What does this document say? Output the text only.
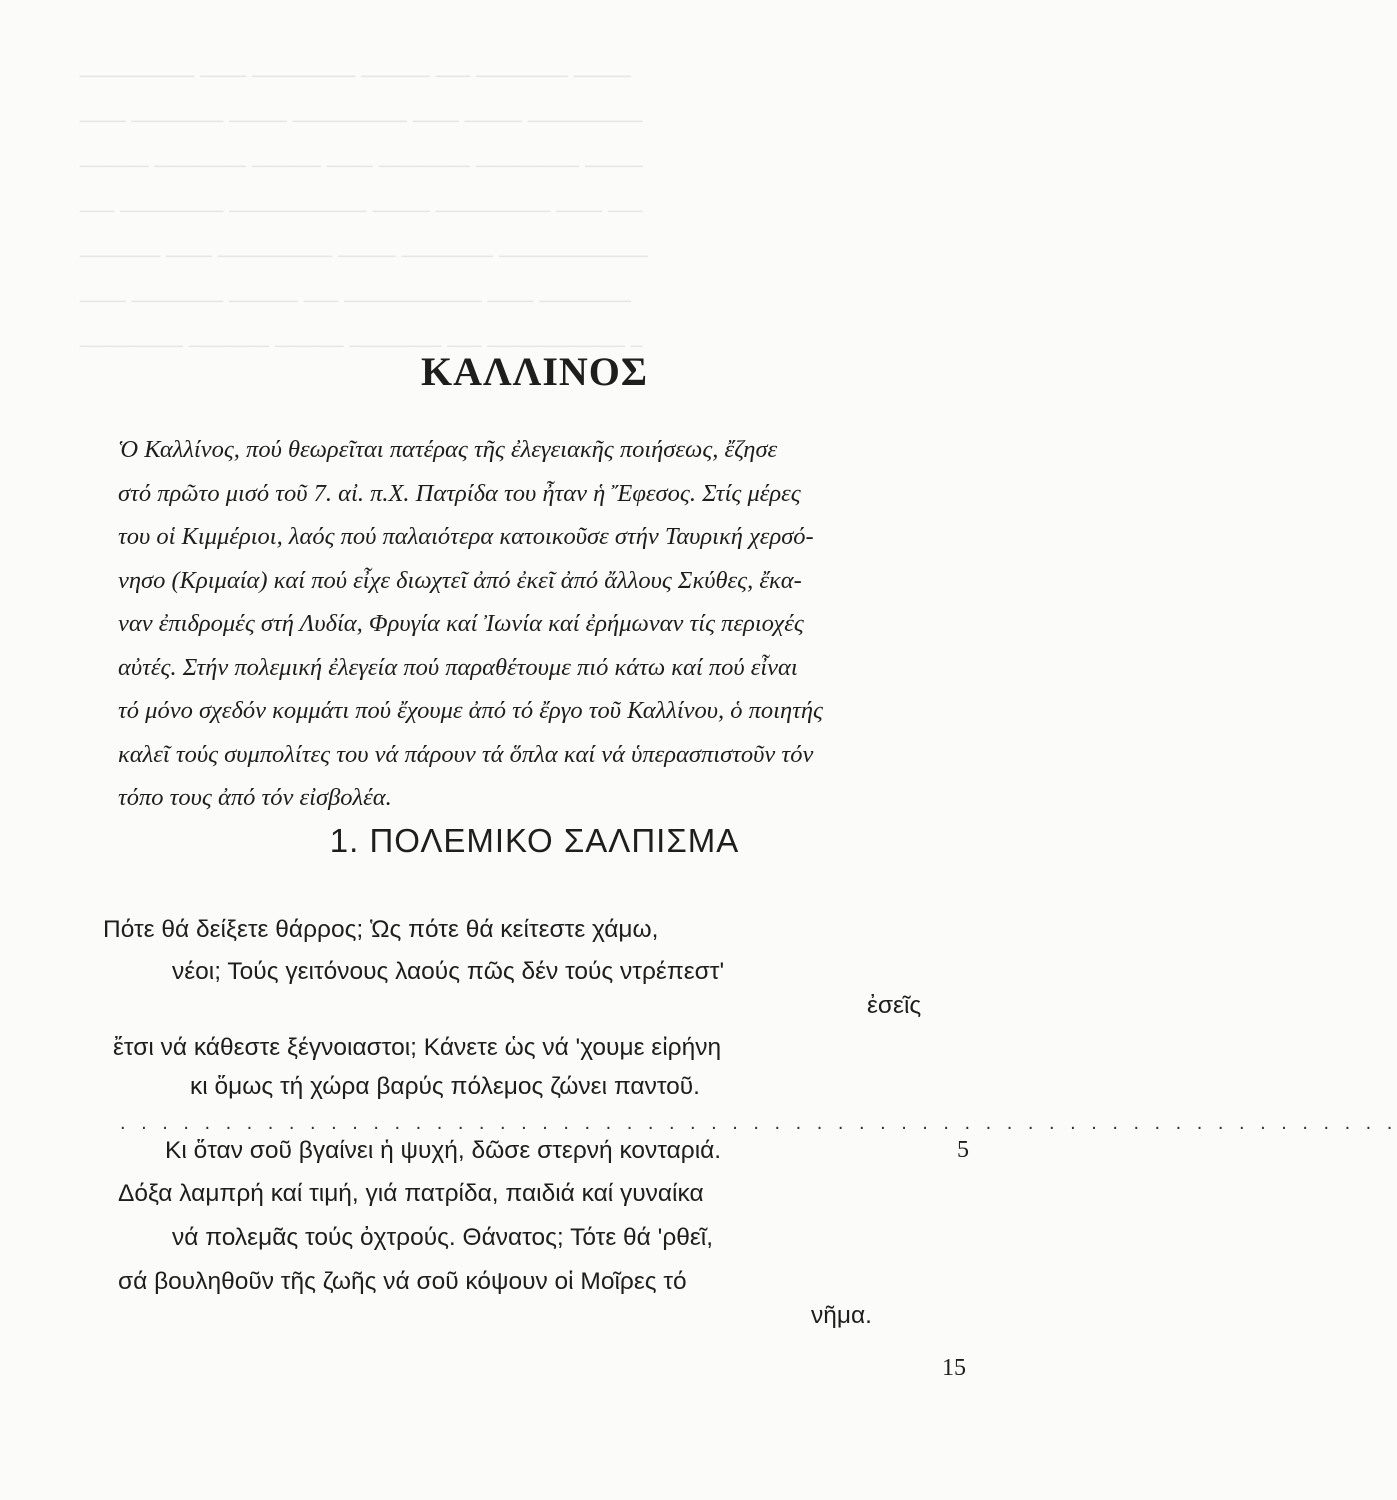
────────── ──── ───────── ────── ─── ──────── ─────
──── ──────── ───── ────────── ──── ───── ──────────
────── ──────── ────── ──── ──────── ───────── ─────
─── ───────── ──────────── ───── ────────── ──── ───
─────── ──── ────────── ───── ──────── ─────────────
──── ──────── ────── ─── ──────────── ──── ────────
───────── ─────── ────── ──────── ─── ──────────── ─
ΚΑΛΛΙΝΟΣ
Ὁ Καλλίνος, πού θεωρεῖται πατέρας τῆς ἐλεγειακῆς ποιήσεως, ἔζησε
στό πρῶτο μισό τοῦ 7. αἰ. π.Χ. Πατρίδα του ἦταν ἡ Ἔφεσος. Στίς μέρες
του οἱ Κιμμέριοι, λαός πού παλαιότερα κατοικοῦσε στήν Ταυρική χερσό-
νησο (Κριμαία) καί πού εἶχε διωχτεῖ ἀπό ἐκεῖ ἀπό ἄλλους Σκύθες, ἔκα-
ναν ἐπιδρομές στή Λυδία, Φρυγία καί Ἰωνία καί ἐρήμωναν τίς περιοχές
αὐτές. Στήν πολεμική ἐλεγεία πού παραθέτουμε πιό κάτω καί πού εἶναι
τό μόνο σχεδόν κομμάτι πού ἔχουμε ἀπό τό ἔργο τοῦ Καλλίνου, ὁ ποιητής
καλεῖ τούς συμπολίτες του νά πάρουν τά ὅπλα καί νά ὑπερασπιστοῦν τόν
τόπο τους ἀπό τόν εἰσβολέα.
1. ΠΟΛΕΜΙΚΟ ΣΑΛΠΙΣΜΑ
Πότε θά δείξετε θάρρος; Ὡς πότε θά κείτεστε χάμω,
νέοι; Τούς γειτόνους λαούς πῶς δέν τούς ντρέπεστ'
ἐσεῖς
ἔτσι νά κάθεστε ξέγνοιαστοι; Κάνετε ὡς νά 'χουμε εἰρήνη
κι ὅμως τή χώρα βαρύς πόλεμος ζώνει παντοῦ.
. . . . . . . . . . . . . . . . . . . . . . . . . . . . . . . . . . . . . . . . . . . . . . . . . . . . . . . . . . . . .
Κι ὅταν σοῦ βγαίνει ἡ ψυχή, δῶσε στερνή κονταριά.
Δόξα λαμπρή καί τιμή, γιά πατρίδα, παιδιά καί γυναίκα
νά πολεμᾶς τούς ὀχτρούς. Θάνατος; Τότε θά 'ρθεῖ,
σά βουληθοῦν τῆς ζωῆς νά σοῦ κόψουν οἱ Μοῖρες τό
νῆμα.
5
15
